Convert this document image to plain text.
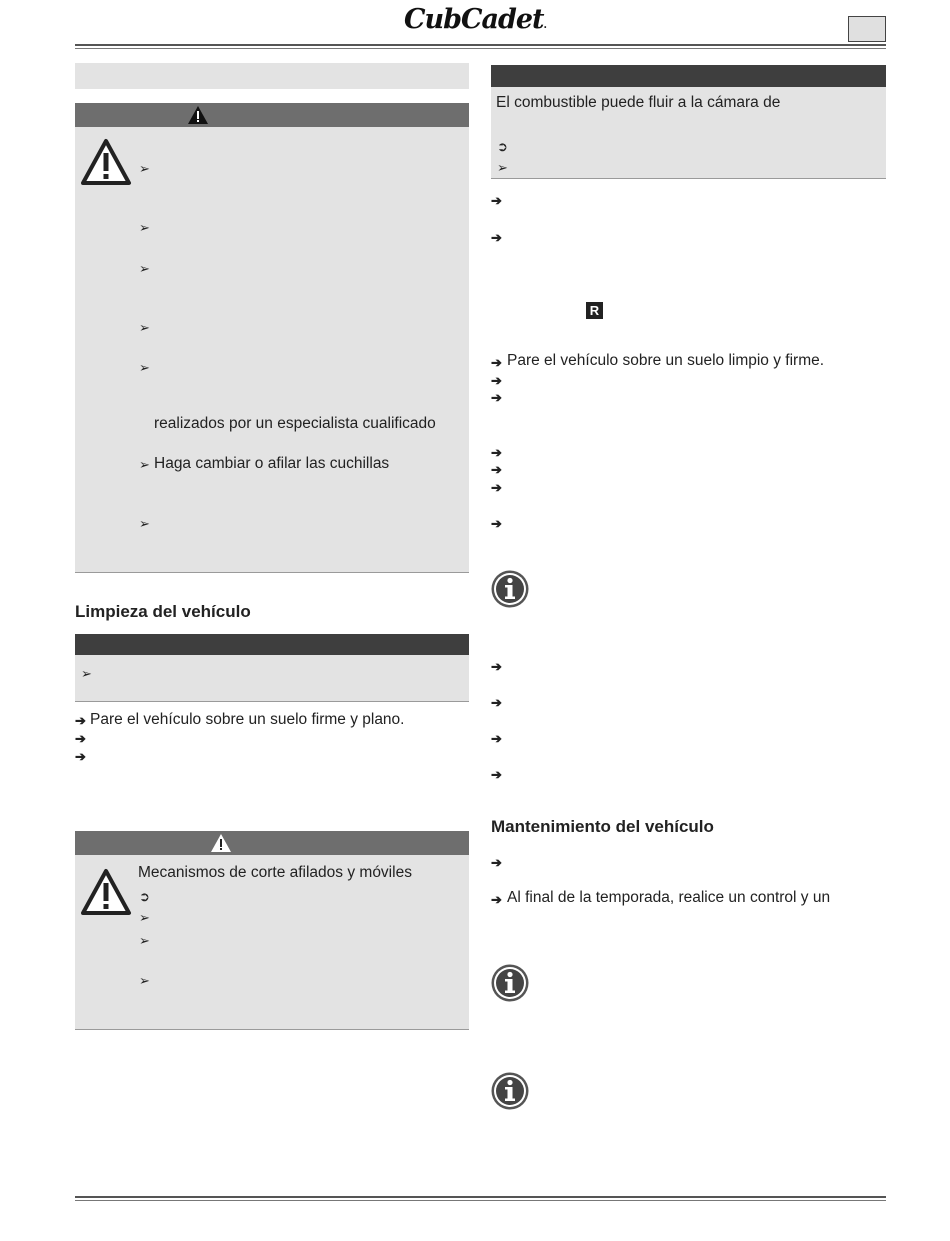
CubCadet.
➢
➢
➢
➢
➢
realizados por un especialista cualificado
➢ Haga cambiar o afilar las cuchillas
➢
Limpieza del vehículo
➢
➔ Pare el vehículo sobre un suelo firme y plano.
➔
➔
Mecanismos de corte afilados y móviles
➲
➢
➢
➢
El combustible puede fluir a la cámara de
➲
➢
➔
➔
R
➔ Pare el vehículo sobre un suelo limpio y firme.
➔
➔
➔
➔
➔
➔
➔
➔
➔
➔
Mantenimiento del vehículo
➔
➔ Al final de la temporada, realice un control y un
